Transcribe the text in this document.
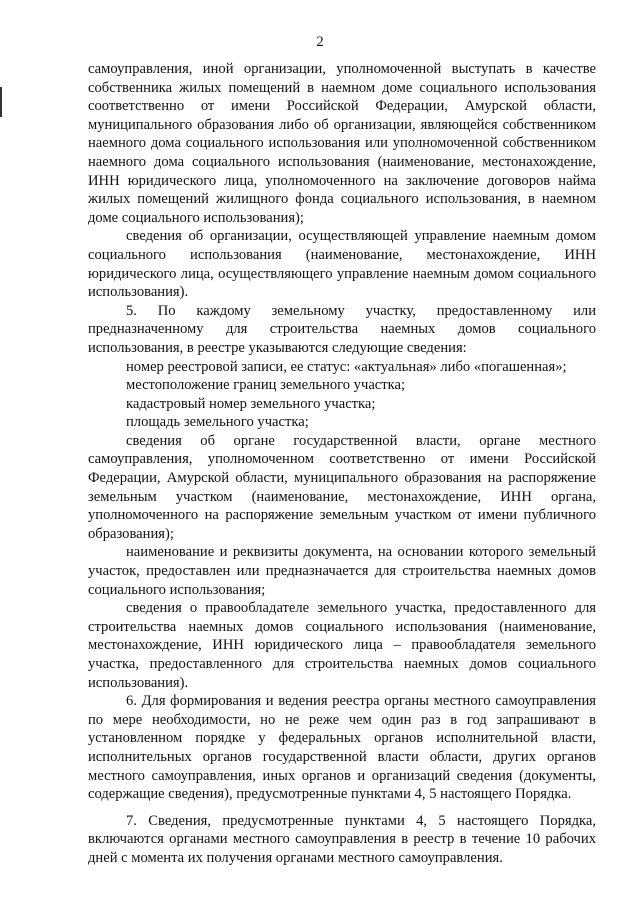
2

самоуправления, иной организации, уполномоченной выступать в качестве собственника жилых помещений в наемном доме социального использования соответственно от имени Российской Федерации, Амурской области, муниципального образования либо об организации, являющейся собственником наемного дома социального использования или уполномоченной собственником наемного дома социального использования (наименование, местонахождение, ИНН юридического лица, уполномоченного на заключение договоров найма жилых помещений жилищного фонда социального использования, в наемном доме социального использования);

сведения об организации, осуществляющей управление наемным домом социального использования (наименование, местонахождение, ИНН юридического лица, осуществляющего управление наемным домом социального использования).

5. По каждому земельному участку, предоставленному или предназначенному для строительства наемных домов социального использования, в реестре указываются следующие сведения:

номер реестровой записи, ее статус: «актуальная» либо «погашенная»;

местоположение границ земельного участка;

кадастровый номер земельного участка;

площадь земельного участка;

сведения об органе государственной власти, органе местного самоуправления, уполномоченном соответственно от имени Российской Федерации, Амурской области, муниципального образования на распоряжение земельным участком (наименование, местонахождение, ИНН органа, уполномоченного на распоряжение земельным участком от имени публичного образования);

наименование и реквизиты документа, на основании которого земельный участок, предоставлен или предназначается для строительства наемных домов социального использования;

сведения о правообладателе земельного участка, предоставленного для строительства наемных домов социального использования (наименование, местонахождение, ИНН юридического лица – правообладателя земельного участка, предоставленного для строительства наемных домов социального использования).

6. Для формирования и ведения реестра органы местного самоуправления по мере необходимости, но не реже чем один раз в год запрашивают в установленном порядке у федеральных органов исполнительной власти, исполнительных органов государственной власти области, других органов местного самоуправления, иных органов и организаций сведения (документы, содержащие сведения), предусмотренные пунктами 4, 5 настоящего Порядка.

7. Сведения, предусмотренные пунктами 4, 5 настоящего Порядка, включаются органами местного самоуправления в реестр в течение 10 рабочих дней с момента их получения органами местного самоуправления.
